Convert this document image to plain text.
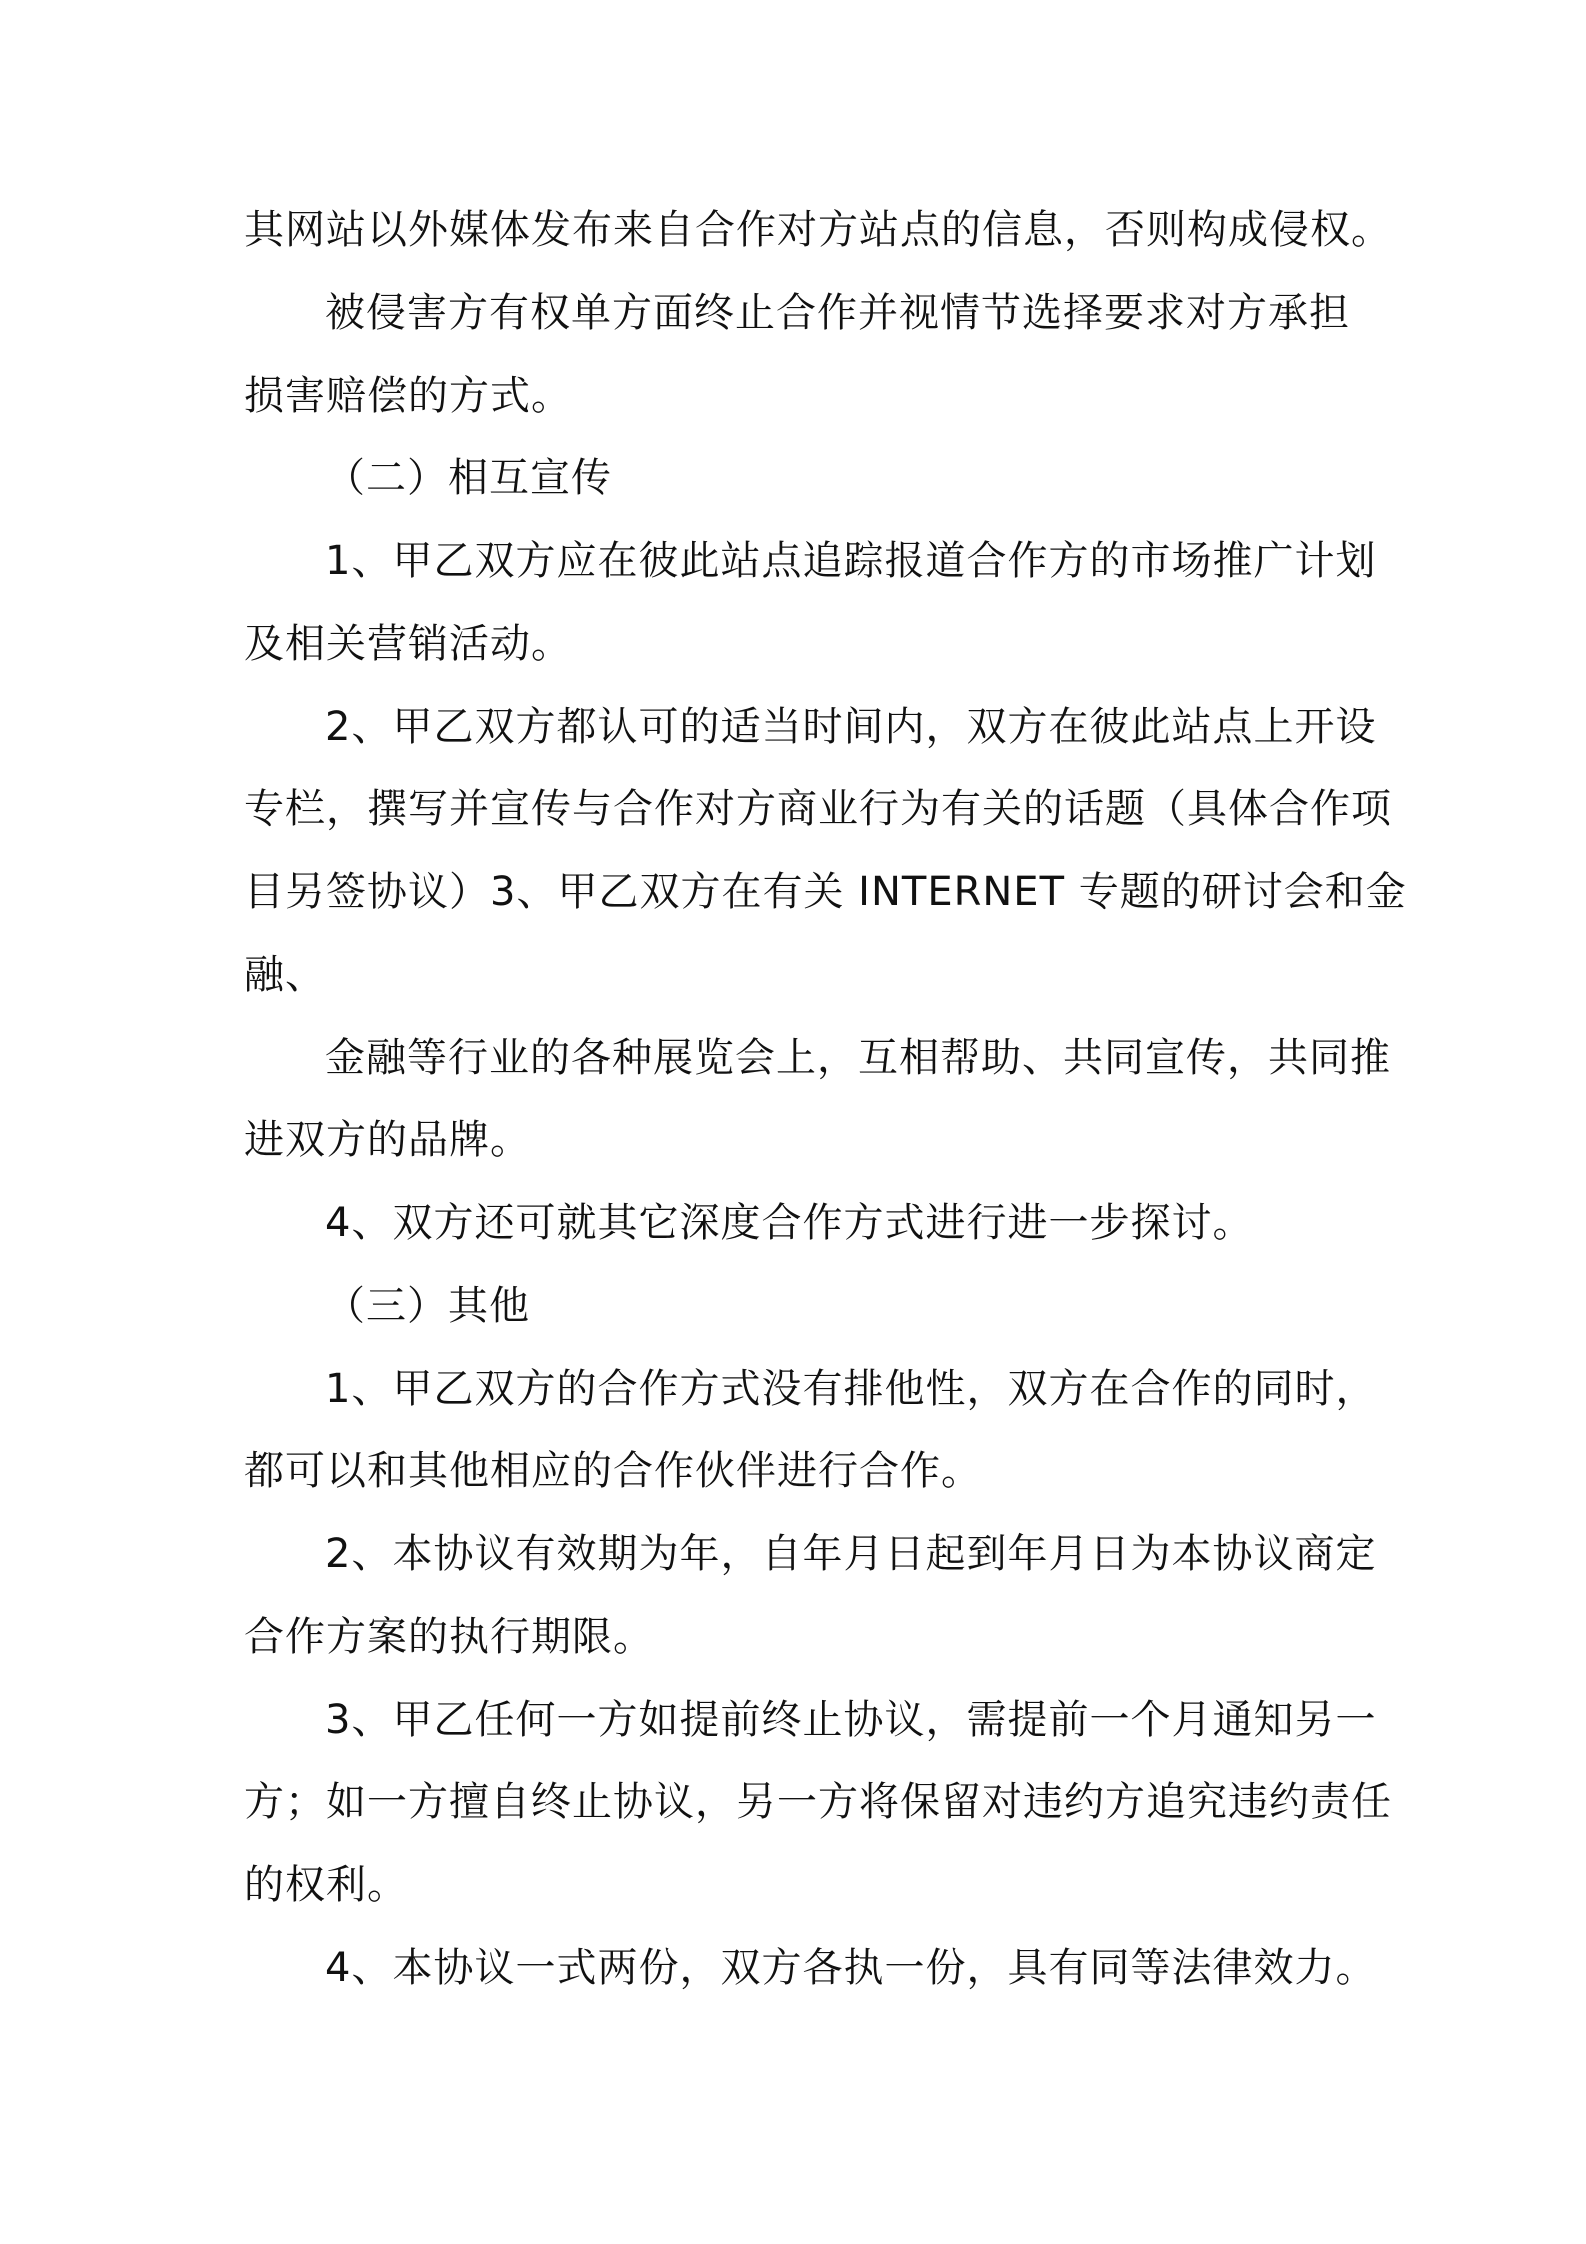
其网站以外媒体发布来自合作对方站点的信息，否则构成侵权。
被侵害方有权单方面终止合作并视情节选择要求对方承担
损害赔偿的方式。
（二）相互宣传
1、甲乙双方应在彼此站点追踪报道合作方的市场推广计划
及相关营销活动。
2、甲乙双方都认可的适当时间内，双方在彼此站点上开设
专栏，撰写并宣传与合作对方商业行为有关的话题（具体合作项
目另签协议）3、甲乙双方在有关 INTERNET 专题的研讨会和金
融、
金融等行业的各种展览会上，互相帮助、共同宣传，共同推
进双方的品牌。
4、双方还可就其它深度合作方式进行进一步探讨。
（三）其他
1、甲乙双方的合作方式没有排他性，双方在合作的同时，
都可以和其他相应的合作伙伴进行合作。
2、本协议有效期为年，自年月日起到年月日为本协议商定
合作方案的执行期限。
3、甲乙任何一方如提前终止协议，需提前一个月通知另一
方；如一方擅自终止协议，另一方将保留对违约方追究违约责任
的权利。
4、本协议一式两份，双方各执一份，具有同等法律效力。
